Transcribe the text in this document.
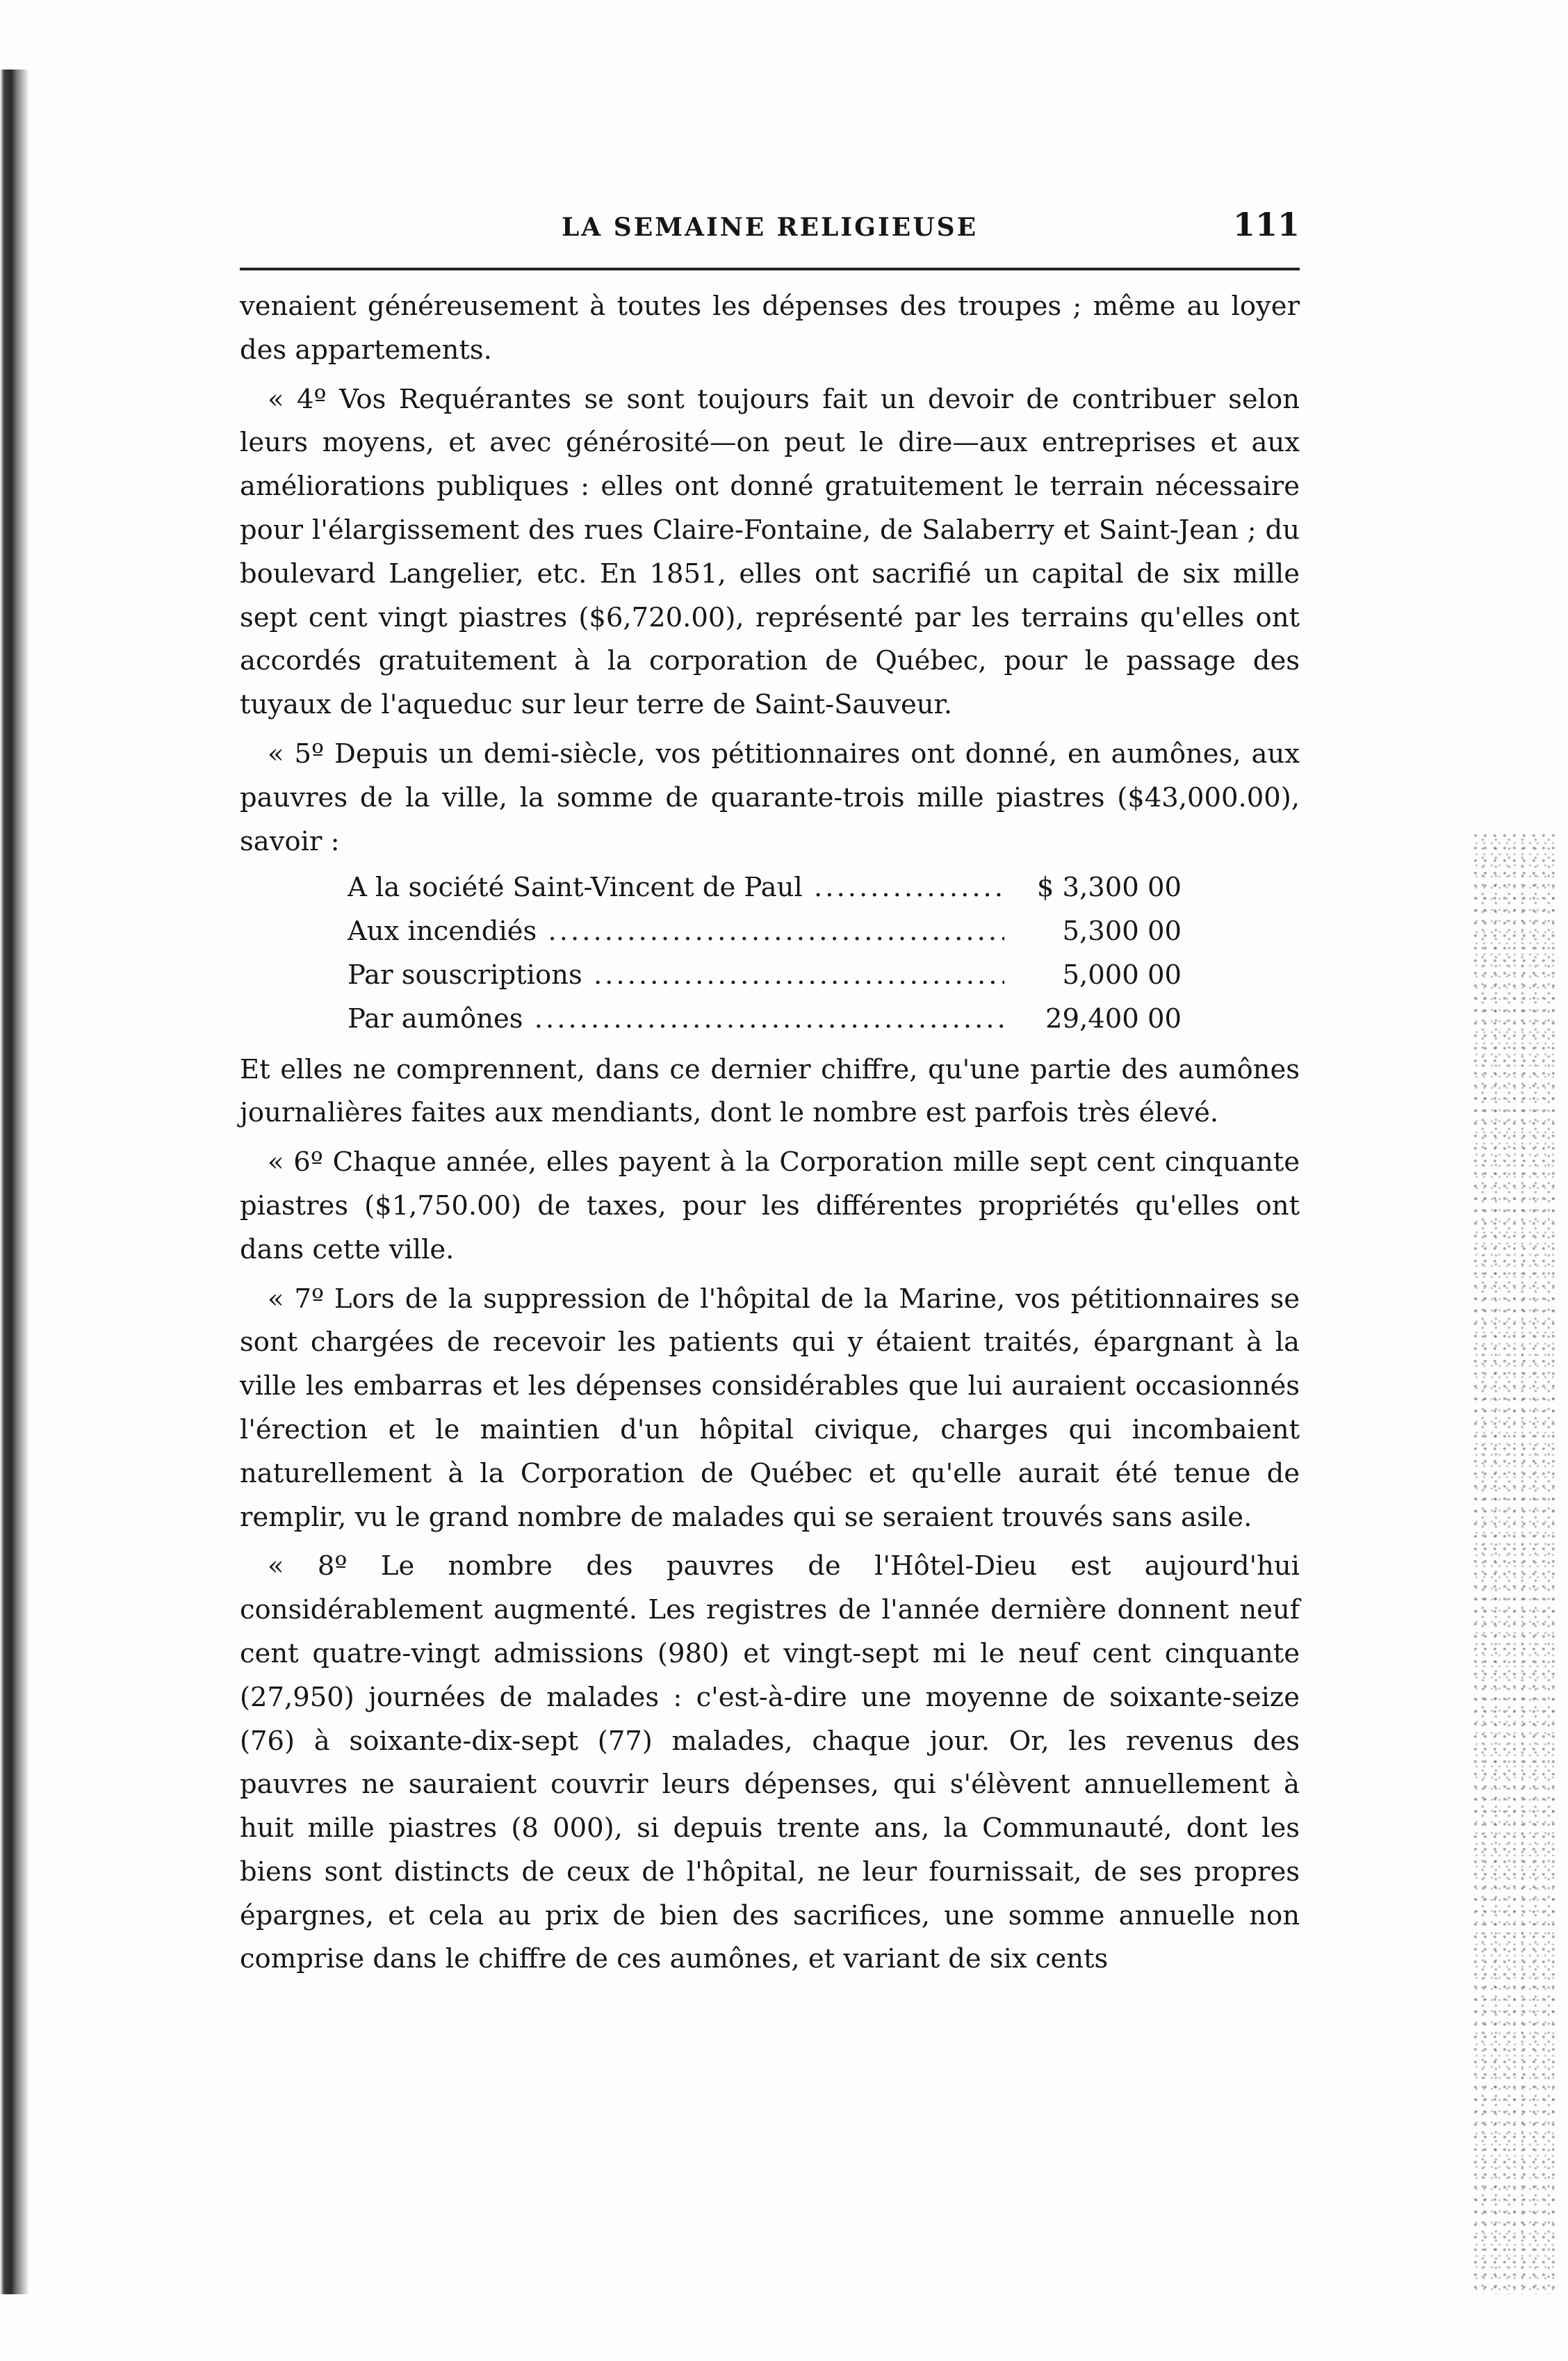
LA SEMAINE RELIGIEUSE	111

venaient généreusement à toutes les dépenses des troupes ; même au loyer des appartements.

« 4º Vos Requérantes se sont toujours fait un devoir de contribuer selon leurs moyens, et avec générosité—on peut le dire—aux entreprises et aux améliorations publiques : elles ont donné gratuitement le terrain nécessaire pour l'élargissement des rues Claire-Fontaine, de Salaberry et Saint-Jean ; du boulevard Langelier, etc. En 1851, elles ont sacrifié un capital de six mille sept cent vingt piastres ($6,720.00), représenté par les terrains qu'elles ont accordés gratuitement à la corporation de Québec, pour le passage des tuyaux de l'aqueduc sur leur terre de Saint-Sauveur.

« 5º Depuis un demi-siècle, vos pétitionnaires ont donné, en aumônes, aux pauvres de la ville, la somme de quarante-trois mille piastres ($43,000.00), savoir :

A la société Saint-Vincent de Paul .....	$ 3,300 00
Aux incendiés .....	5,300 00
Par souscriptions .....	5,000 00
Par aumônes .....	29,400 00

Et elles ne comprennent, dans ce dernier chiffre, qu'une partie des aumônes journalières faites aux mendiants, dont le nombre est parfois très élevé.

« 6º Chaque année, elles payent à la Corporation mille sept cent cinquante piastres ($1,750.00) de taxes, pour les différentes propriétés qu'elles ont dans cette ville.

« 7º Lors de la suppression de l'hôpital de la Marine, vos pétitionnaires se sont chargées de recevoir les patients qui y étaient traités, épargnant à la ville les embarras et les dépenses considérables que lui auraient occasionnés l'érection et le maintien d'un hôpital civique, charges qui incombaient naturellement à la Corporation de Québec et qu'elle aurait été tenue de remplir, vu le grand nombre de malades qui se seraient trouvés sans asile.

« 8º Le nombre des pauvres de l'Hôtel-Dieu est aujourd'hui considérablement augmenté. Les registres de l'année dernière donnent neuf cent quatre-vingt admissions (980) et vingt-sept mi le neuf cent cinquante (27,950) journées de malades : c'est-à-dire une moyenne de soixante-seize (76) à soixante-dix-sept (77) malades, chaque jour. Or, les revenus des pauvres ne sauraient couvrir leurs dépenses, qui s'élèvent annuellement à huit mille piastres (8 000), si depuis trente ans, la Communauté, dont les biens sont distincts de ceux de l'hôpital, ne leur fournissait, de ses propres épargnes, et cela au prix de bien des sacrifices, une somme annuelle non comprise dans le chiffre de ces aumônes, et variant de six cents
